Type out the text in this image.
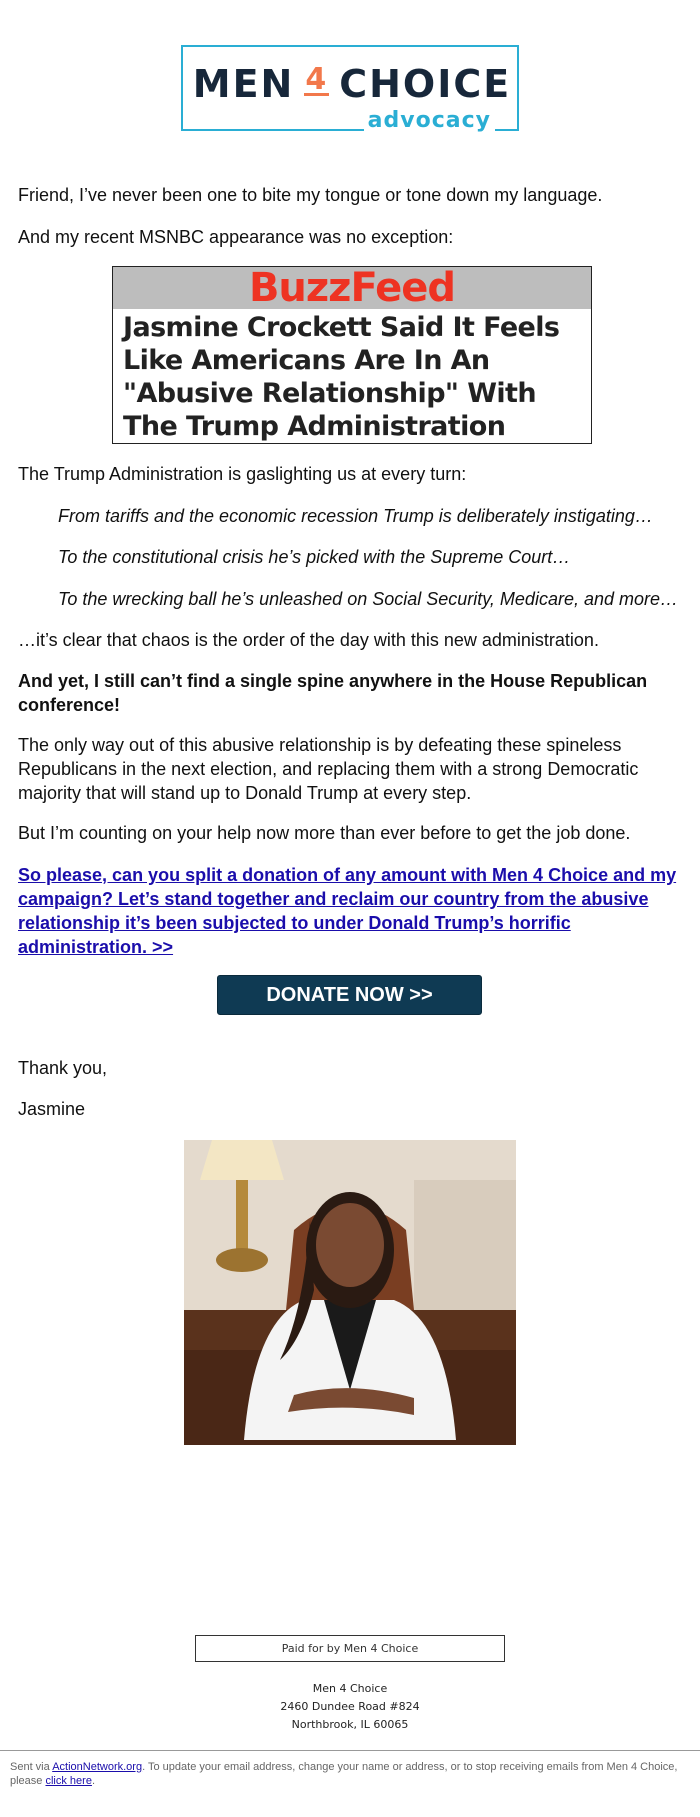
MEN 4 CHOICE
advocacy

Friend, I’ve never been one to bite my tongue or tone down my language.

And my recent MSNBC appearance was no exception:

BuzzFeed
Jasmine Crockett Said It Feels Like Americans Are In An "Abusive Relationship" With The Trump Administration

The Trump Administration is gaslighting us at every turn:

From tariffs and the economic recession Trump is deliberately instigating…

To the constitutional crisis he’s picked with the Supreme Court…

To the wrecking ball he’s unleashed on Social Security, Medicare, and more…

…it’s clear that chaos is the order of the day with this new administration.

And yet, I still can’t find a single spine anywhere in the House Republican conference!

The only way out of this abusive relationship is by defeating these spineless Republicans in the next election, and replacing them with a strong Democratic majority that will stand up to Donald Trump at every step.

But I’m counting on your help now more than ever before to get the job done.

So please, can you split a donation of any amount with Men 4 Choice and my campaign? Let’s stand together and reclaim our country from the abusive relationship it’s been subjected to under Donald Trump’s horrific administration. >>

DONATE NOW >>

Thank you,

Jasmine

Paid for by Men 4 Choice
Men 4 Choice
2460 Dundee Road #824
Northbrook, IL 60065
Sent via ActionNetwork.org. To update your email address, change your name or address, or to stop receiving emails from Men 4 Choice, please click here.
